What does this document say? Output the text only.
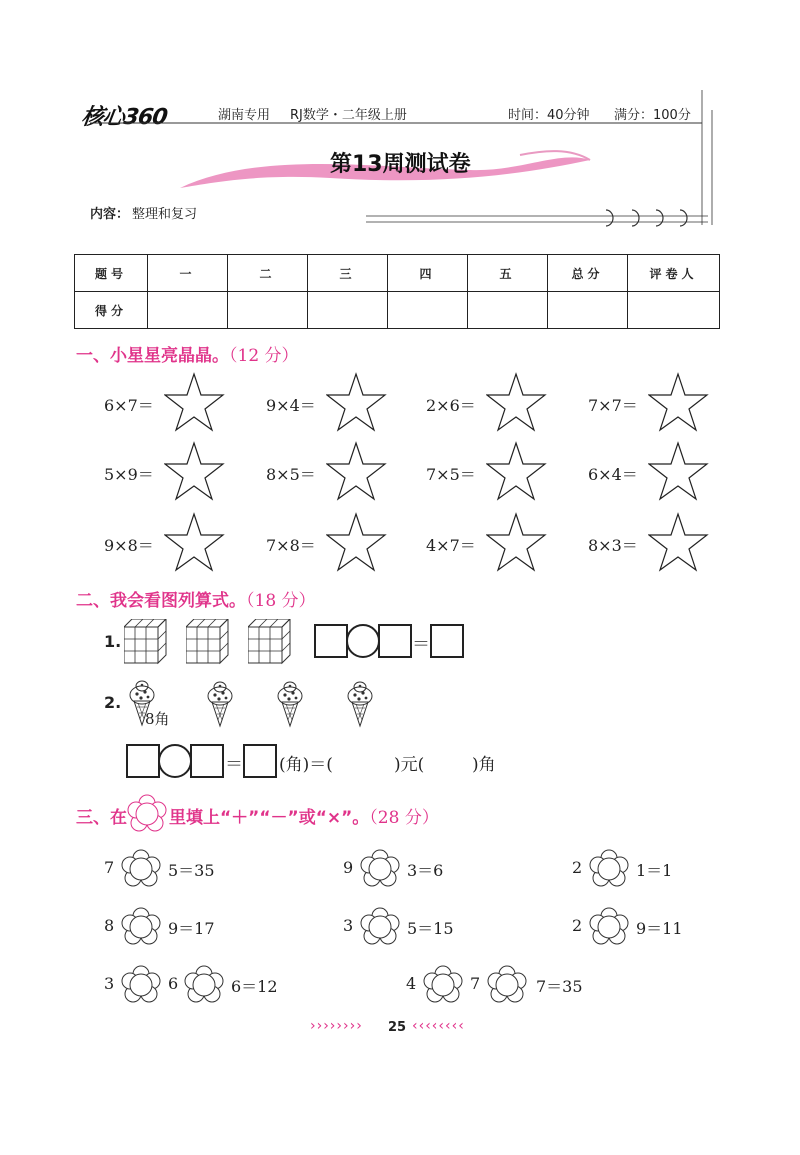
核心360	湖南专用 RJ数学・二年级上册	时间：40分钟 满分：100分
第13周测试卷
内容： 整理和复习
题号	一	二	三	四	五	总分	评卷人
得分							
一、小星星亮晶晶。（12 分）
6×7＝	9×4＝	2×6＝	7×7＝
5×9＝	8×5＝	7×5＝	6×4＝
9×8＝	7×8＝	4×7＝	8×3＝
二、我会看图列算式。（18 分）
1.	＝
2.
8角
＝ (角)＝(	)元(	)角
三、在 里填上“＋”“－”或“×”。（28 分）
7	5＝35	9	3＝6	2	1＝1
8	9＝17	3	5＝15	2	9＝11
3	6	6＝12	4	7	7＝35
›››››››› 25 ‹‹‹‹‹‹‹‹
